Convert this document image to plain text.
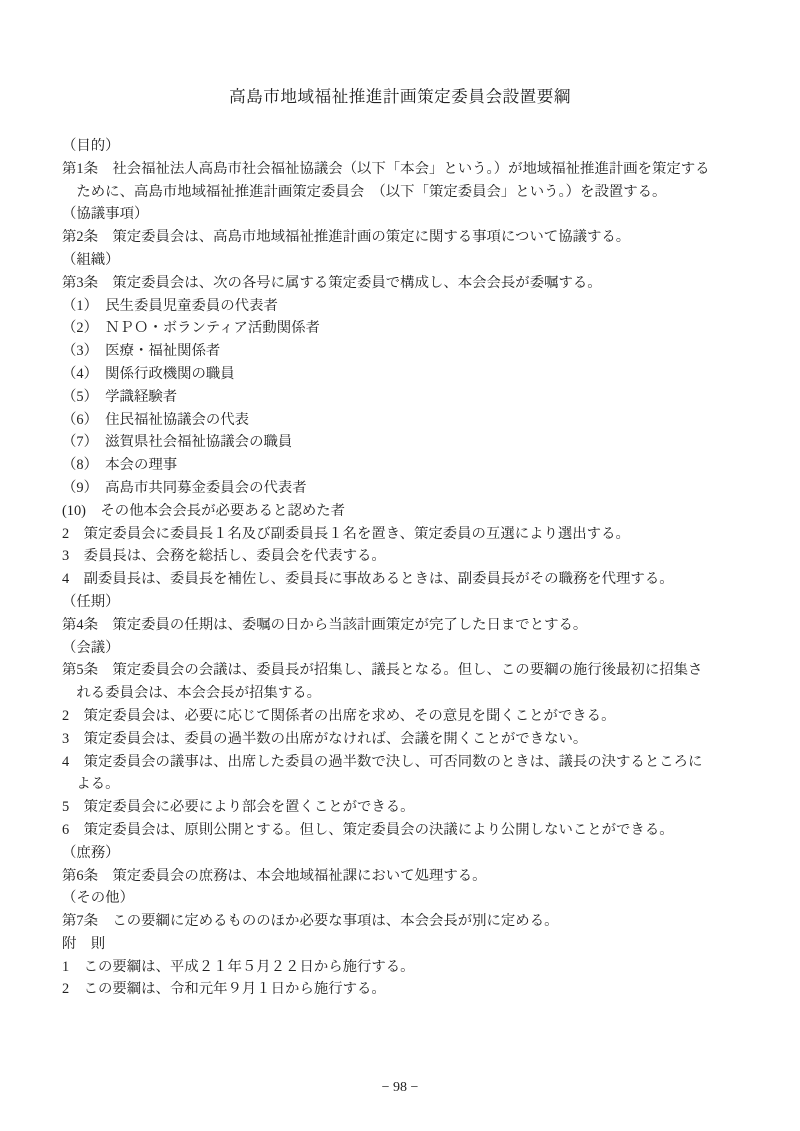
高島市地域福祉推進計画策定委員会設置要綱

（目的）

第1条　社会福祉法人高島市社会福祉協議会（以下「本会」という。）が地域福祉推進計画を策定するために、高島市地域福祉推進計画策定委員会　（以下「策定委員会」という。）を設置する。

（協議事項）

第2条　策定委員会は、高島市地域福祉推進計画の策定に関する事項について協議する。

（組織）

第3条　策定委員会は、次の各号に属する策定委員で構成し、本会会長が委嘱する。

（1）　民生委員児童委員の代表者

（2）　ＮＰＯ・ボランティア活動関係者

（3）　医療・福祉関係者

（4）　関係行政機関の職員

（5）　学識経験者

（6）　住民福祉協議会の代表

（7）　滋賀県社会福祉協議会の職員

（8）　本会の理事

（9）　高島市共同募金委員会の代表者

(10)　その他本会会長が必要あると認めた者

2　策定委員会に委員長１名及び副委員長１名を置き、策定委員の互選により選出する。

3　委員長は、会務を総括し、委員会を代表する。

4　副委員長は、委員長を補佐し、委員長に事故あるときは、副委員長がその職務を代理する。

（任期）

第4条　策定委員の任期は、委嘱の日から当該計画策定が完了した日までとする。

（会議）

第5条　策定委員会の会議は、委員長が招集し、議長となる。但し、この要綱の施行後最初に招集される委員会は、本会会長が招集する。

2　策定委員会は、必要に応じて関係者の出席を求め、その意見を聞くことができる。

3　策定委員会は、委員の過半数の出席がなければ、会議を開くことができない。

4　策定委員会の議事は、出席した委員の過半数で決し、可否同数のときは、議長の決するところによる。

5　策定委員会に必要により部会を置くことができる。

6　策定委員会は、原則公開とする。但し、策定委員会の決議により公開しないことができる。

（庶務）

第6条　策定委員会の庶務は、本会地域福祉課において処理する。

（その他）

第7条　この要綱に定めるもののほか必要な事項は、本会会長が別に定める。

附　則

1　この要綱は、平成２１年５月２２日から施行する。

2　この要綱は、令和元年９月１日から施行する。

− 98 −
